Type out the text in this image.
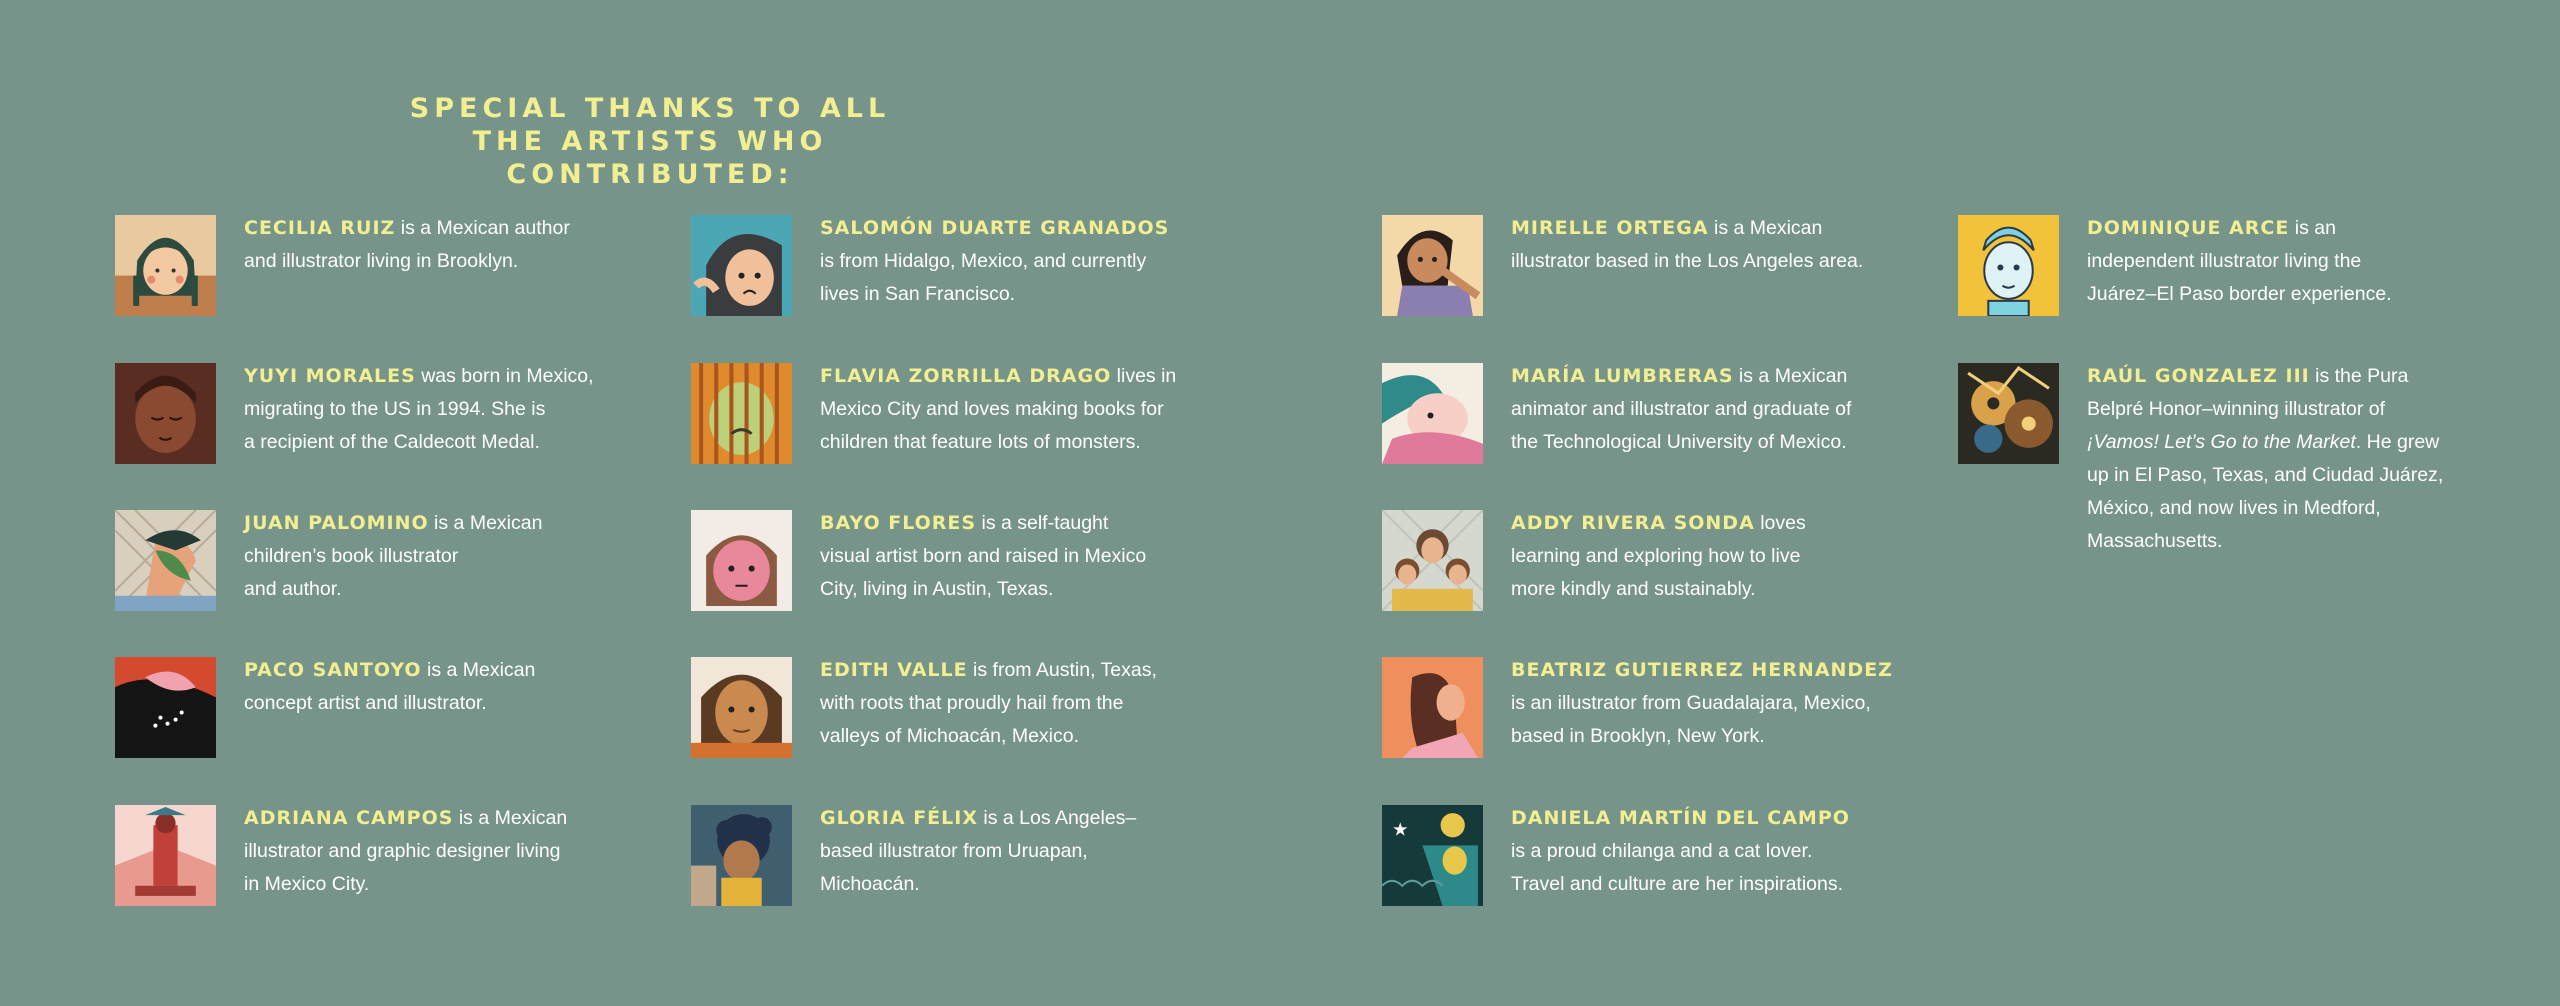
SPECIAL THANKS TO ALL
THE ARTISTS WHO CONTRIBUTED:
CECILIA RUIZ is a Mexican author
and illustrator living in Brooklyn.
YUYI MORALES was born in Mexico,
migrating to the US in 1994. She is
a recipient of the Caldecott Medal.
JUAN PALOMINO is a Mexican
children’s book illustrator
and author.
PACO SANTOYO is a Mexican
concept artist and illustrator.
ADRIANA CAMPOS is a Mexican
illustrator and graphic designer living
in Mexico City.
SALOMÓN DUARTE GRANADOS
is from Hidalgo, Mexico, and currently
lives in San Francisco.
FLAVIA ZORRILLA DRAGO lives in
Mexico City and loves making books for
children that feature lots of monsters.
BAYO FLORES is a self-taught
visual artist born and raised in Mexico
City, living in Austin, Texas.
EDITH VALLE is from Austin, Texas,
with roots that proudly hail from the
valleys of Michoacán, Mexico.
GLORIA FÉLIX is a Los Angeles–
based illustrator from Uruapan,
Michoacán.
MIRELLE ORTEGA is a Mexican
illustrator based in the Los Angeles area.
MARÍA LUMBRERAS is a Mexican
animator and illustrator and graduate of
the Technological University of Mexico.
ADDY RIVERA SONDA loves
learning and exploring how to live
more kindly and sustainably.
BEATRIZ GUTIERREZ HERNANDEZ
is an illustrator from Guadalajara, Mexico,
based in Brooklyn, New York.
★
DANIELA MARTÍN DEL CAMPO
is a proud chilanga and a cat lover.
Travel and culture are her inspirations.
DOMINIQUE ARCE is an
independent illustrator living the
Juárez–El Paso border experience.
RAÚL GONZALEZ III is the Pura
Belpré Honor–winning illustrator of
¡Vamos! Let’s Go to the Market. He grew
up in El Paso, Texas, and Ciudad Juárez,
México, and now lives in Medford,
Massachusetts.
